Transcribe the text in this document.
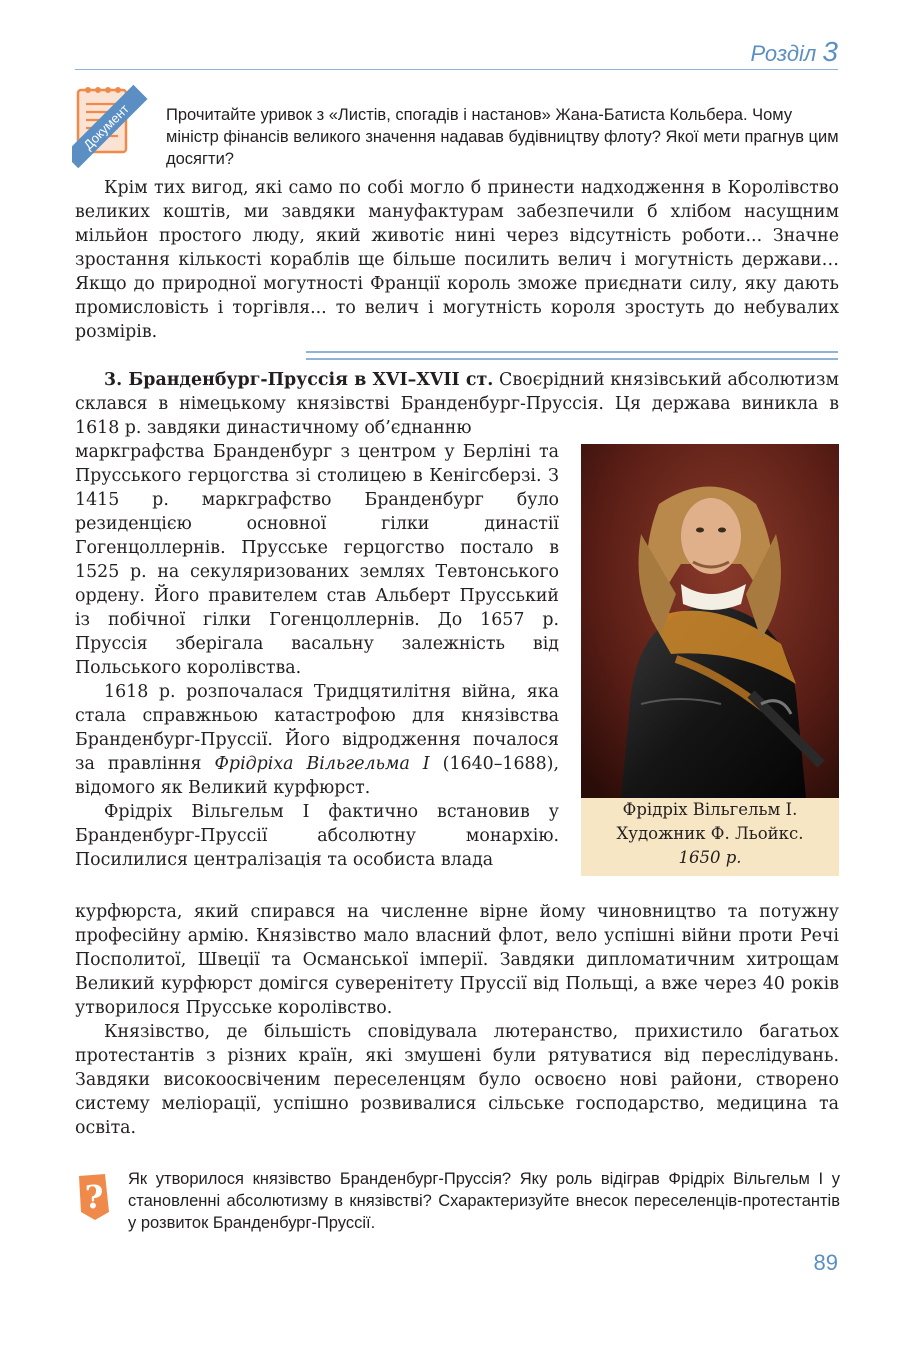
Розділ 3
Документ Прочитайте уривок з «Листів, спогадів і настанов» Жана-Батиста Кольбера. Чому міністр фінансів великого значення надавав будівництву флоту? Якої мети прагнув цим досягти?

Крім тих вигод, які само по собі могло б принести надходження в Королівство великих коштів, ми завдяки мануфактурам забезпечили б хлібом насущним мільйон простого люду, який животіє нині через відсутність роботи... Значне зростання кількості кораблів ще більше посилить велич і могутність держави… Якщо до природної могутності Франції король зможе приєднати силу, яку дають промисловість і торгівля... то велич і могутність короля зростуть до небувалих розмірів.

3. Бранденбург-Пруссія в XVI–XVII ст. Своєрідний князівський абсолютизм склався в німецькому князівстві Бранденбург-Пруссія. Ця держава виникла в 1618 р. завдяки династичному об’єднанню

маркграфства Бранденбург з центром у Берліні та Прусського герцогства зі столицею в Кенігсберзі. З 1415 р. маркграфство Бранденбург було резиденцією основної гілки династії Гогенцоллернів. Прусське герцогство постало в 1525 р. на секуляризованих землях Тевтонського ордену. Його правителем став Альберт Прусський із побічної гілки Гогенцоллернів. До 1657 р. Пруссія зберігала васальну залежність від Польського королівства.

1618 р. розпочалася Тридцятилітня війна, яка стала справжньою катастрофою для князівства Бранденбург-Пруссії. Його відродження почалося за правління Фрідріха Вільгельма I (1640–1688), відомого як Великий курфюрст.

Фрідріх Вільгельм I фактично встановив у Бранденбург-Пруссії абсолютну монархію. Посилилися централізація та особиста влада

Фрідріх Вільгельм I.
Художник Ф. Льойкс.
1650 р.

курфюрста, який спирався на численне вірне йому чиновництво та потужну професійну армію. Князівство мало власний флот, вело успішні війни проти Речі Посполитої, Швеції та Османської імперії. Завдяки дипломатичним хитрощам Великий курфюрст домігся суверенітету Пруссії від Польщі, а вже через 40 років утворилося Прусське королівство.

Князівство, де більшість сповідувала лютеранство, прихистило багатьох протестантів з різних країн, які змушені були рятуватися від переслідувань. Завдяки високоосвіченим переселенцям було освоєно нові райони, створено систему меліорації, успішно розвивалися сільське господарство, медицина та освіта.

? Як утворилося князівство Бранденбург-Пруссія? Яку роль відіграв Фрідріх Вільгельм I у становленні абсолютизму в князівстві? Схарактеризуйте внесок переселенців-протестантів у розвиток Бранденбург-Пруссії.
89
